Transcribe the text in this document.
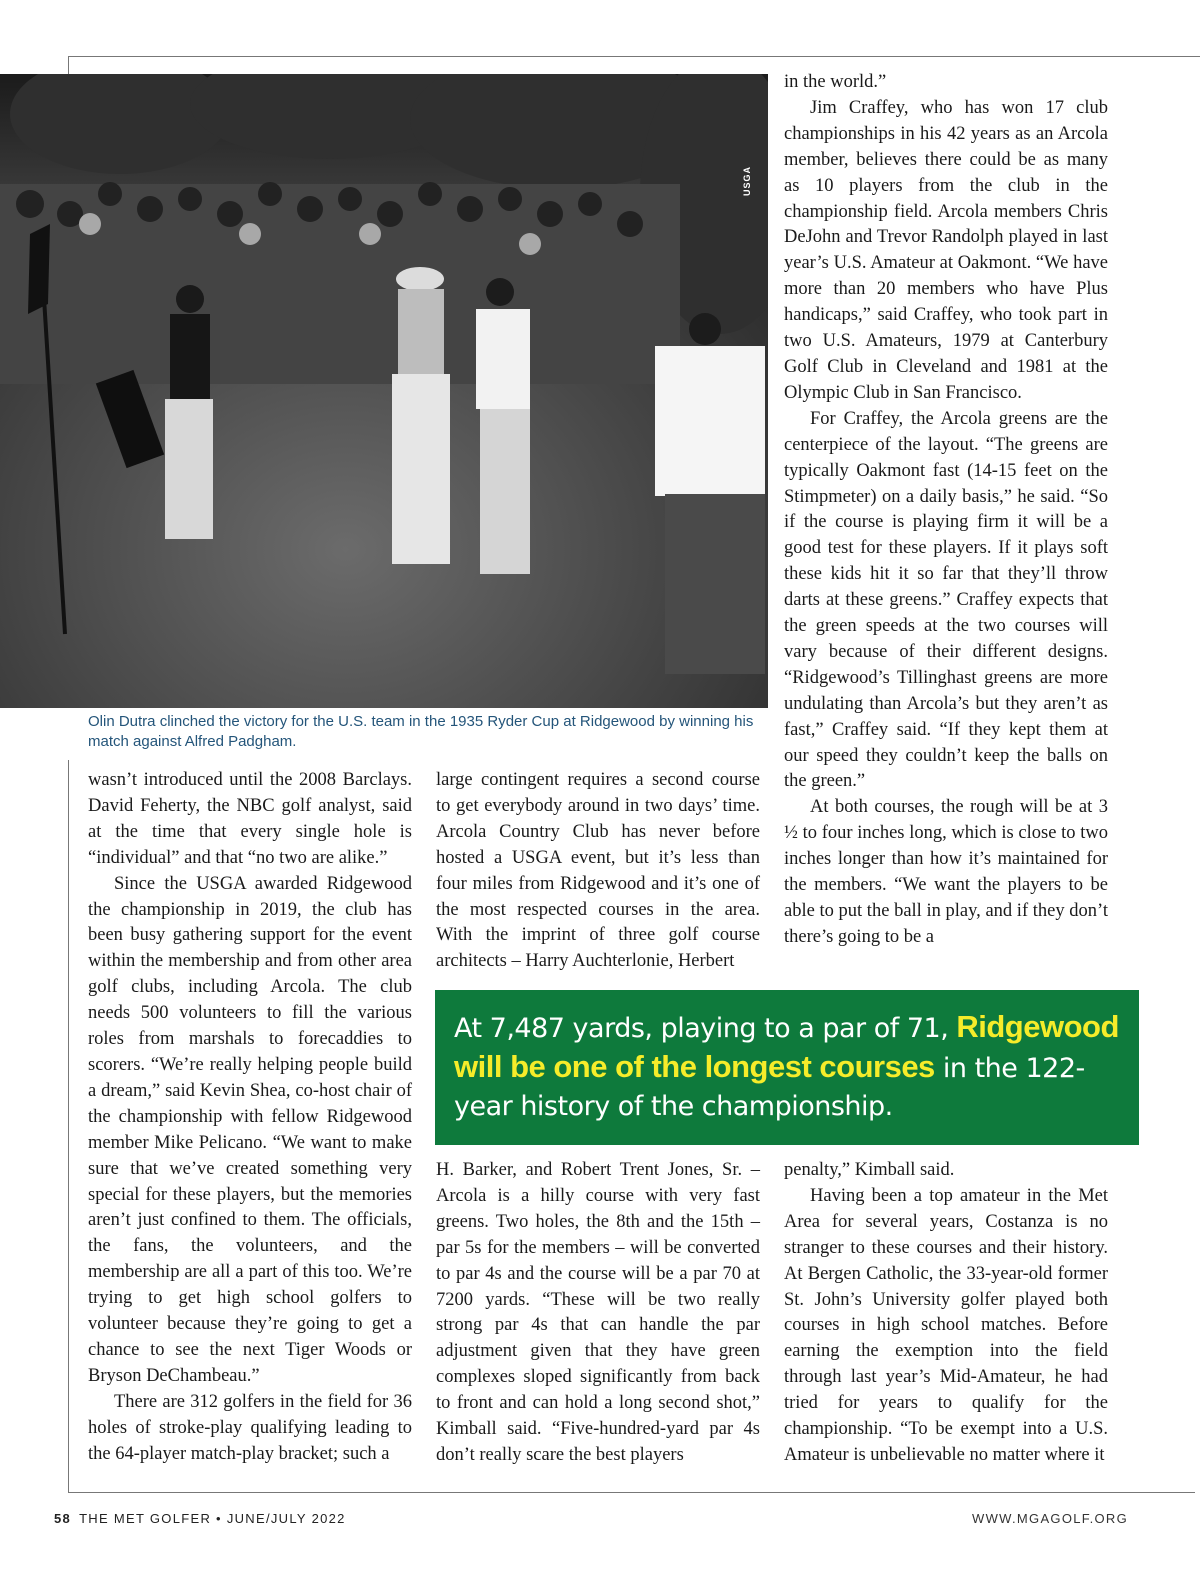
USGA
Olin Dutra clinched the victory for the U.S. team in the 1935 Ryder Cup at Ridgewood by winning his match against Alfred Padgham.

wasn’t introduced until the 2008 Barclays. David Feherty, the NBC golf analyst, said at the time that every single hole is “individual” and that “no two are alike.”

Since the USGA awarded Ridgewood the championship in 2019, the club has been busy gathering support for the event within the membership and from other area golf clubs, including Arcola. The club needs 500 volunteers to fill the various roles from marshals to forecaddies to scorers. “We’re really helping people build a dream,” said Kevin Shea, co-host chair of the championship with fellow Ridgewood member Mike Pelicano. “We want to make sure that we’ve created something very special for these players, but the memories aren’t just confined to them. The officials, the fans, the volunteers, and the membership are all a part of this too. We’re trying to get high school golfers to volunteer because they’re going to get a chance to see the next Tiger Woods or Bryson DeChambeau.”

There are 312 golfers in the field for 36 holes of stroke-play qualifying leading to the 64-player match-play bracket; such a

large contingent requires a second course to get everybody around in two days’ time. Arcola Country Club has never before hosted a USGA event, but it’s less than four miles from Ridgewood and it’s one of the most respected courses in the area. With the imprint of three golf course architects – Harry Auchterlonie, Herbert

At 7,487 yards, playing to a par of 71, Ridgewood will be one of the longest courses in the 122-year history of the championship.

H. Barker, and Robert Trent Jones, Sr. – Arcola is a hilly course with very fast greens. Two holes, the 8th and the 15th – par 5s for the members – will be converted to par 4s and the course will be a par 70 at 7200 yards. “These will be two really strong par 4s that can handle the par adjustment given that they have green complexes sloped significantly from back to front and can hold a long second shot,” Kimball said. “Five-hundred-yard par 4s don’t really scare the best players

in the world.”

Jim Craffey, who has won 17 club championships in his 42 years as an Arcola member, believes there could be as many as 10 players from the club in the championship field. Arcola members Chris DeJohn and Trevor Randolph played in last year’s U.S. Amateur at Oakmont. “We have more than 20 members who have Plus handicaps,” said Craffey, who took part in two U.S. Amateurs, 1979 at Canterbury Golf Club in Cleveland and 1981 at the Olympic Club in San Francisco.

For Craffey, the Arcola greens are the centerpiece of the layout. “The greens are typically Oakmont fast (14-15 feet on the Stimpmeter) on a daily basis,” he said. “So if the course is playing firm it will be a good test for these players. If it plays soft these kids hit it so far that they’ll throw darts at these greens.” Craffey expects that the green speeds at the two courses will vary because of their different designs. “Ridgewood’s Tillinghast greens are more undulating than Arcola’s but they aren’t as fast,” Craffey said. “If they kept them at our speed they couldn’t keep the balls on the green.”

At both courses, the rough will be at 3 ½ to four inches long, which is close to two inches longer than how it’s maintained for the members. “We want the players to be able to put the ball in play, and if they don’t there’s going to be a

penalty,” Kimball said.

Having been a top amateur in the Met Area for several years, Costanza is no stranger to these courses and their history. At Bergen Catholic, the 33-year-old former St. John’s University golfer played both courses in high school matches. Before earning the exemption into the field through last year’s Mid-Amateur, he had tried for years to qualify for the championship. “To be exempt into a U.S. Amateur is unbelievable no matter where it

58 THE MET GOLFER • JUNE/JULY 2022	WWW.MGAGOLF.ORG
